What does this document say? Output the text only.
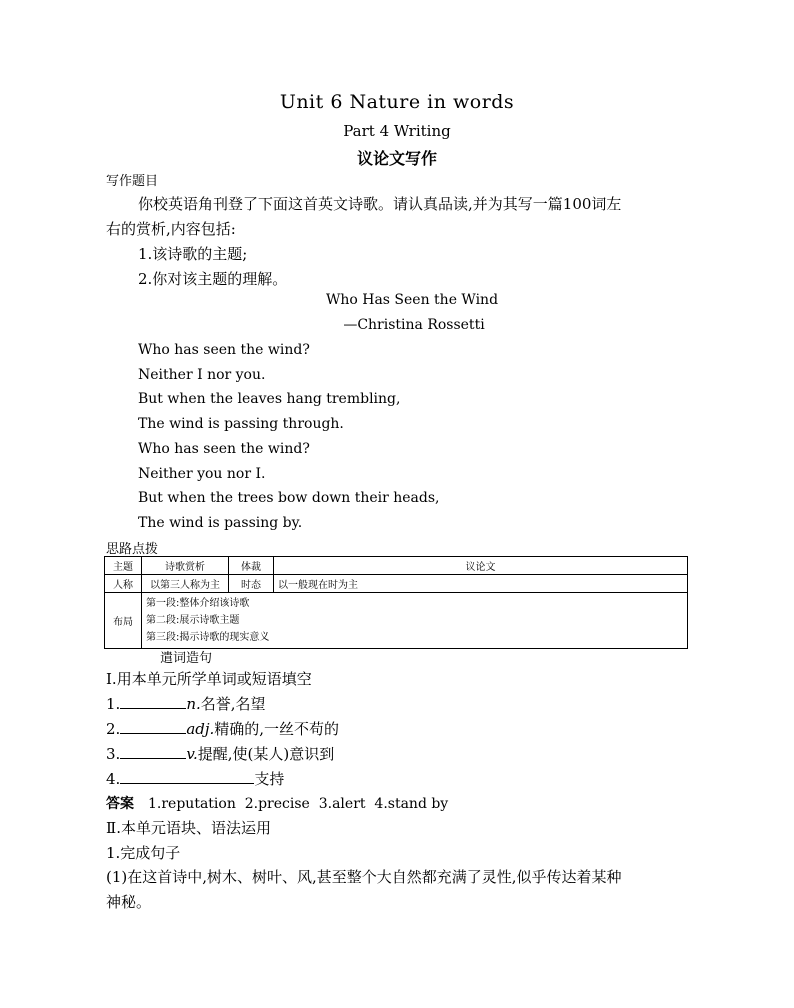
Unit 6 Nature in words
Part 4 Writing
议论文写作
写作题目
你校英语角刊登了下面这首英文诗歌。请认真品读,并为其写一篇100词左
右的赏析,内容包括:
1.该诗歌的主题;
2.你对该主题的理解。
Who Has Seen the Wind
—Christina Rossetti
Who has seen the wind?
Neither I nor you.
But when the leaves hang trembling,
The wind is passing through.
Who has seen the wind?
Neither you nor I.
But when the trees bow down their heads,
The wind is passing by.
思路点拨
主题	诗歌赏析	体裁	议论文
人称	以第三人称为主	时态	以一般现在时为主
布局	第一段:整体介绍该诗歌
第二段:展示诗歌主题
第三段:揭示诗歌的现实意义		
遣词造句
Ⅰ.用本单元所学单词或短语填空
1.	n.名誉,名望
2.	adj.精确的,一丝不苟的
3.	v.提醒,使(某人)意识到
4.	支持
答案 1.reputation  2.precise  3.alert  4.stand by
Ⅱ.本单元语块、语法运用
1.完成句子
(1)在这首诗中,树木、树叶、风,甚至整个大自然都充满了灵性,似乎传达着某种
神秘。
